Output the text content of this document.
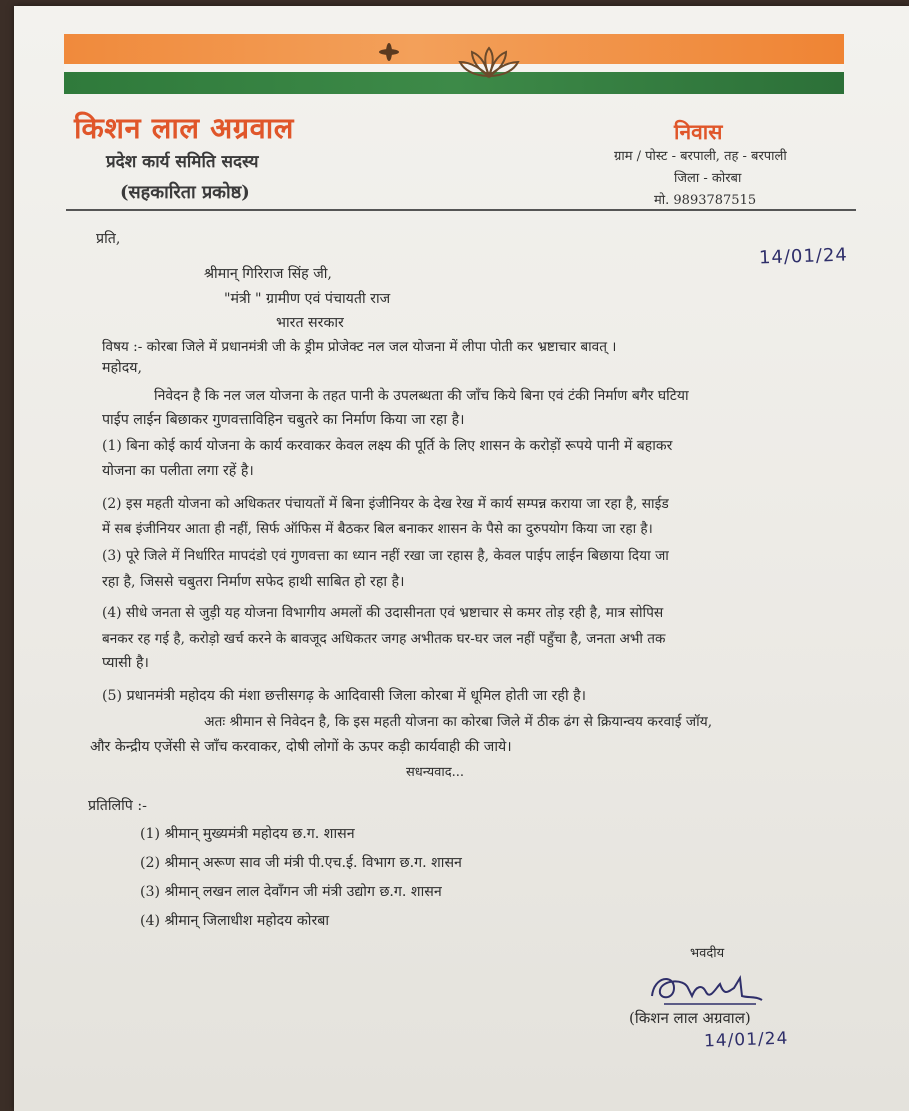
किशन लाल अग्रवाल
प्रदेश कार्य समिति सदस्य
(सहकारिता प्रकोष्ठ)
निवास
ग्राम / पोस्ट - बरपाली, तह - बरपाली
जिला - कोरबा
मो. 9893787515
प्रति,
14/01/24
श्रीमान् गिरिराज सिंह जी,
"मंत्री " ग्रामीण एवं पंचायती राज
भारत सरकार
विषय :- कोरबा जिले में प्रधानमंत्री जी के ड्रीम प्रोजेक्ट नल जल योजना में लीपा पोती कर भ्रष्टाचार बावत् ।
महोदय,
निवेदन है कि नल जल योजना के तहत पानी के उपलब्धता की जाँच किये बिना एवं टंकी निर्माण बगैर घटिया
पाईप लाईन बिछाकर गुणवत्ताविहिन चबुतरे का निर्माण किया जा रहा है।
(1) बिना कोई कार्य योजना के कार्य करवाकर केवल लक्ष्य की पूर्ति के लिए शासन के करोड़ों रूपये पानी में बहाकर
योजना का पलीता लगा रहें है।
(2) इस महती योजना को अधिकतर पंचायतों में बिना इंजीनियर के देख रेख में कार्य सम्पन्न कराया जा रहा है, साईड
में सब इंजीनियर आता ही नहीं, सिर्फ ऑफिस में बैठकर बिल बनाकर शासन के पैसे का दुरुपयोग किया जा रहा है।
(3) पूरे जिले में निर्धारित मापदंडो एवं गुणवत्ता का ध्यान नहीं रखा जा रहास है, केवल पाईप लाईन बिछाया दिया जा
रहा है, जिससे चबुतरा निर्माण सफेद हाथी साबित हो रहा है।
(4) सीधे जनता से जुड़ी यह योजना विभागीय अमलों की उदासीनता एवं भ्रष्टाचार से कमर तोड़ रही है, मात्र सोपिस
बनकर रह गई है, करोड़ो खर्च करने के बावजूद अधिकतर जगह अभीतक घर-घर जल नहीं पहुँचा है, जनता अभी तक
प्यासी है।
(5) प्रधानमंत्री महोदय की मंशा छत्तीसगढ़ के आदिवासी जिला कोरबा में धूमिल होती जा रही है।
अतः श्रीमान से निवेदन है, कि इस महती योजना का कोरबा जिले में ठीक ढंग से क्रियान्वय करवाई जॉय,
और केन्द्रीय एजेंसी से जाँच करवाकर, दोषी लोगों के ऊपर कड़ी कार्यवाही की जाये।
सधन्यवाद...
प्रतिलिपि :-
(1) श्रीमान् मुख्यमंत्री महोदय छ.ग. शासन
(2) श्रीमान् अरूण साव जी मंत्री पी.एच.ई. विभाग छ.ग. शासन
(3) श्रीमान् लखन लाल देवाँगन जी मंत्री उद्योग छ.ग. शासन
(4) श्रीमान् जिलाधीश महोदय कोरबा
भवदीय
(किशन लाल अग्रवाल)
14/01/24
